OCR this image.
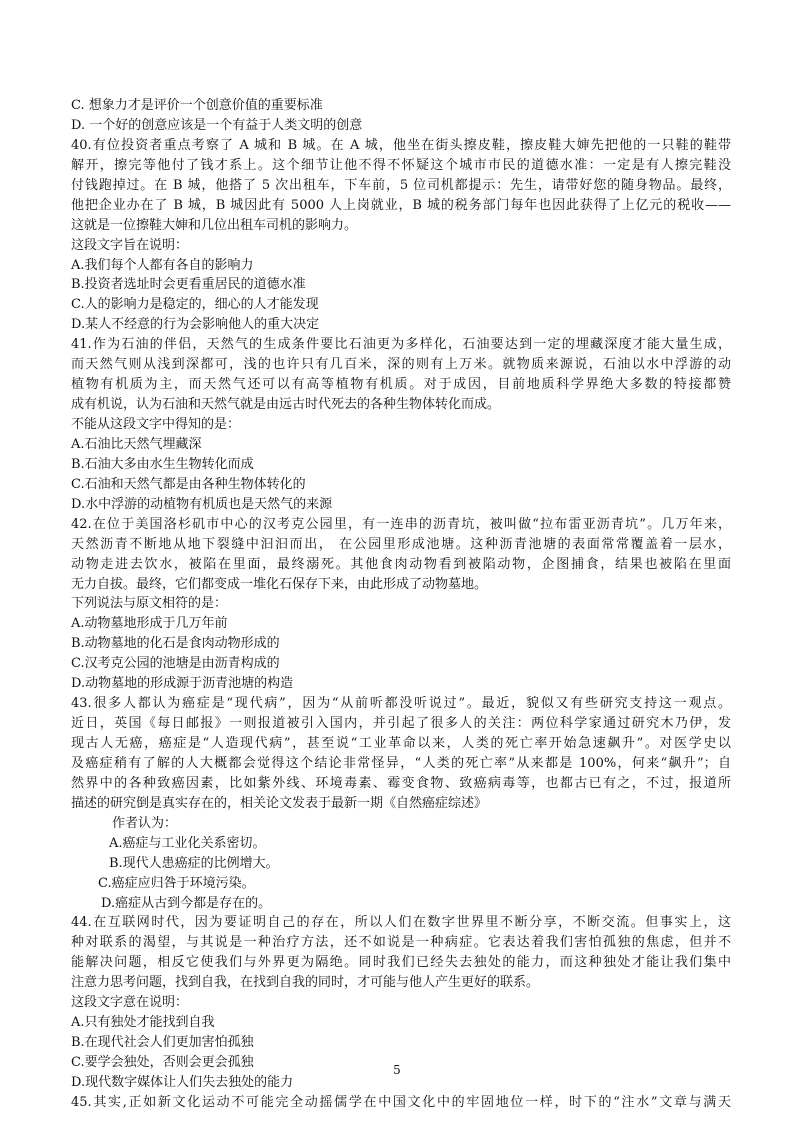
C. 想象力才是评价一个创意价值的重要标准
D. 一个好的创意应该是一个有益于人类文明的创意
40.有位投资者重点考察了 A 城和 B 城。在 A 城，他坐在街头擦皮鞋，擦皮鞋大婶先把他的一只鞋的鞋带
解开，擦完等他付了钱才系上。这个细节让他不得不怀疑这个城市市民的道德水准：一定是有人擦完鞋没
付钱跑掉过。在 B 城，他搭了 5 次出租车，下车前，5 位司机都提示：先生，请带好您的随身物品。最终，
他把企业办在了 B 城，B 城因此有 5000 人上岗就业，B 城的税务部门每年也因此获得了上亿元的税收——
这就是一位擦鞋大婶和几位出租车司机的影响力。
这段文字旨在说明：
A.我们每个人都有各自的影响力
B.投资者选址时会更看重居民的道德水准
C.人的影响力是稳定的，细心的人才能发现
D.某人不经意的行为会影响他人的重大决定
41.作为石油的伴侣，天然气的生成条件要比石油更为多样化，石油要达到一定的埋藏深度才能大量生成，
而天然气则从浅到深都可，浅的也许只有几百米，深的则有上万米。就物质来源说，石油以水中浮游的动
植物有机质为主，而天然气还可以有高等植物有机质。对于成因，目前地质科学界绝大多数的特接都赞
成有机说，认为石油和天然气就是由远古时代死去的各种生物体转化而成。
不能从这段文字中得知的是：
A.石油比天然气埋藏深
B.石油大多由水生生物转化而成
C.石油和天然气都是由各种生物体转化的
D.水中浮游的动植物有机质也是天然气的来源
42.在位于美国洛杉矶市中心的汉考克公园里，有一连串的沥青坑，被叫做“拉布雷亚沥青坑”。几万年来，
天然沥青不断地从地下裂缝中汩汩而出， 在公园里形成池塘。这种沥青池塘的表面常常覆盖着一层水，
动物走进去饮水，被陷在里面，最终溺死。其他食肉动物看到被陷动物，企图捕食，结果也被陷在里面
无力自拔。最终，它们都变成一堆化石保存下来，由此形成了动物墓地。
下列说法与原文相符的是：
A.动物墓地形成于几万年前
B.动物墓地的化石是食肉动物形成的
C.汉考克公园的池塘是由沥青构成的
D.动物墓地的形成源于沥青池塘的构造
43.很多人都认为癌症是“现代病”，因为“从前听都没听说过”。最近，貌似又有些研究支持这一观点。
近日，英国《每日邮报》一则报道被引入国内，并引起了很多人的关注：两位科学家通过研究木乃伊，发
现古人无癌，癌症是“人造现代病”，甚至说“工业革命以来，人类的死亡率开始急速飙升”。对医学史以
及癌症稍有了解的人大概都会觉得这个结论非常怪异，“人类的死亡率”从来都是 100%，何来“飙升”；自
然界中的各种致癌因素，比如紫外线、环境毒素、霉变食物、致癌病毒等，也都古已有之，不过，报道所
描述的研究倒是真实存在的，相关论文发表于最新一期《自然癌症综述》
作者认为：
A.癌症与工业化关系密切。
B.现代人患癌症的比例增大。
C.癌症应归咎于环境污染。
D.癌症从古到今都是存在的。
44.在互联网时代，因为要证明自己的存在，所以人们在数字世界里不断分享，不断交流。但事实上，这
种对联系的渴望，与其说是一种治疗方法，还不如说是一种病症。它表达着我们害怕孤独的焦虑，但并不
能解决问题，相反它使我们与外界更为隔绝。同时我们已经失去独处的能力，而这种独处才能让我们集中
注意力思考问题，找到自我，在找到自我的同时，才可能与他人产生更好的联系。
这段文字意在说明：
A.只有独处才能找到自我
B.在现代社会人们更加害怕孤独
C.要学会独处，否则会更会孤独
D.现代数字媒体让人们失去独处的能力
45.其实,正如新文化运动不可能完全动摇儒学在中国文化中的牢固地位一样，时下的“注水”文章与满天
5
